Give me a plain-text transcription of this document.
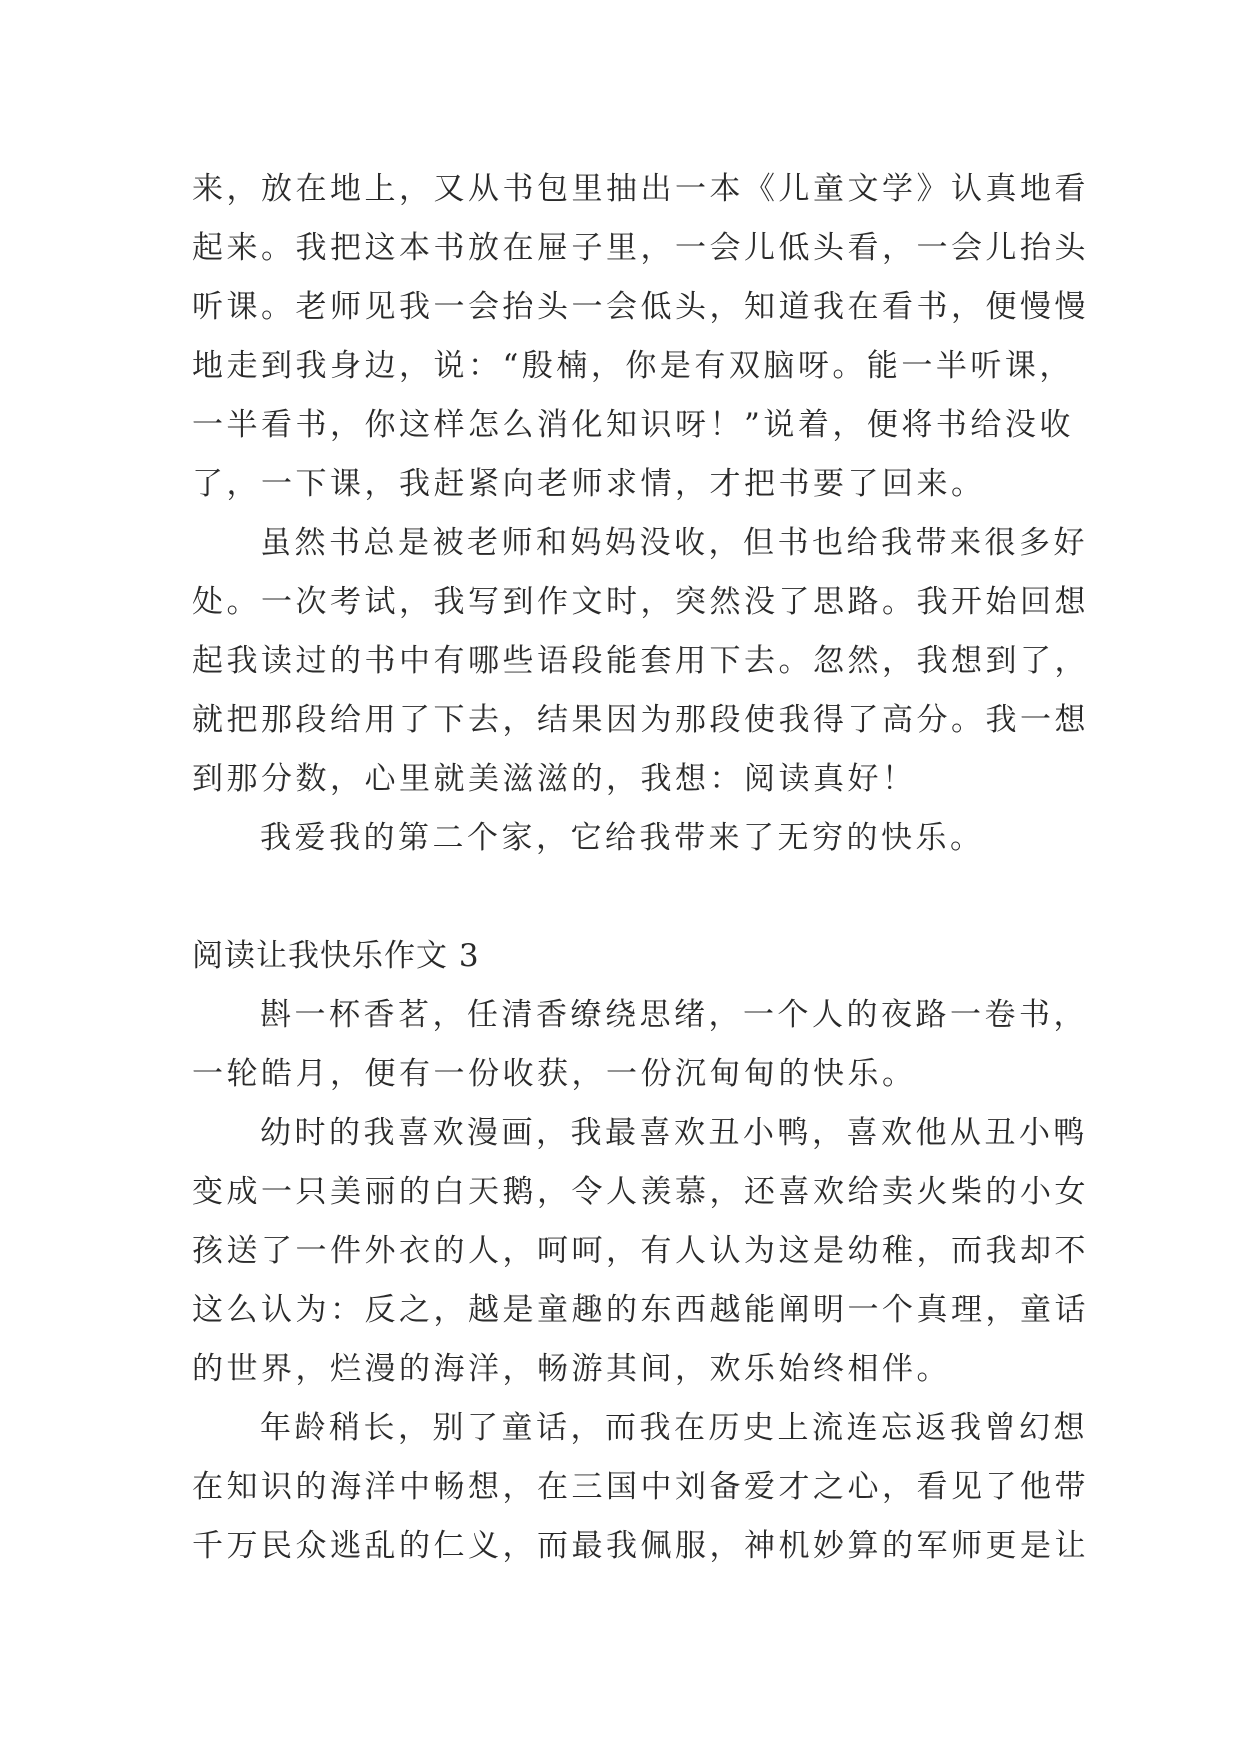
来，放在地上，又从书包里抽出一本《儿童文学》认真地看
起来。我把这本书放在屉子里，一会儿低头看，一会儿抬头
听课。老师见我一会抬头一会低头，知道我在看书，便慢慢
地走到我身边，说：“殷楠，你是有双脑呀。能一半听课，
一半看书，你这样怎么消化知识呀！”说着，便将书给没收
了，一下课，我赶紧向老师求情，才把书要了回来。
虽然书总是被老师和妈妈没收，但书也给我带来很多好
处。一次考试，我写到作文时，突然没了思路。我开始回想
起我读过的书中有哪些语段能套用下去。忽然，我想到了，
就把那段给用了下去，结果因为那段使我得了高分。我一想
到那分数，心里就美滋滋的，我想：阅读真好！
我爱我的第二个家，它给我带来了无穷的快乐。
阅读让我快乐作文 3
斟一杯香茗，任清香缭绕思绪，一个人的夜路一卷书，
一轮皓月，便有一份收获，一份沉甸甸的快乐。
幼时的我喜欢漫画，我最喜欢丑小鸭，喜欢他从丑小鸭
变成一只美丽的白天鹅，令人羡慕，还喜欢给卖火柴的小女
孩送了一件外衣的人，呵呵，有人认为这是幼稚，而我却不
这么认为：反之，越是童趣的东西越能阐明一个真理，童话
的世界，烂漫的海洋，畅游其间，欢乐始终相伴。
年龄稍长，别了童话，而我在历史上流连忘返我曾幻想
在知识的海洋中畅想，在三国中刘备爱才之心，看见了他带
千万民众逃乱的仁义，而最我佩服，神机妙算的军师更是让
